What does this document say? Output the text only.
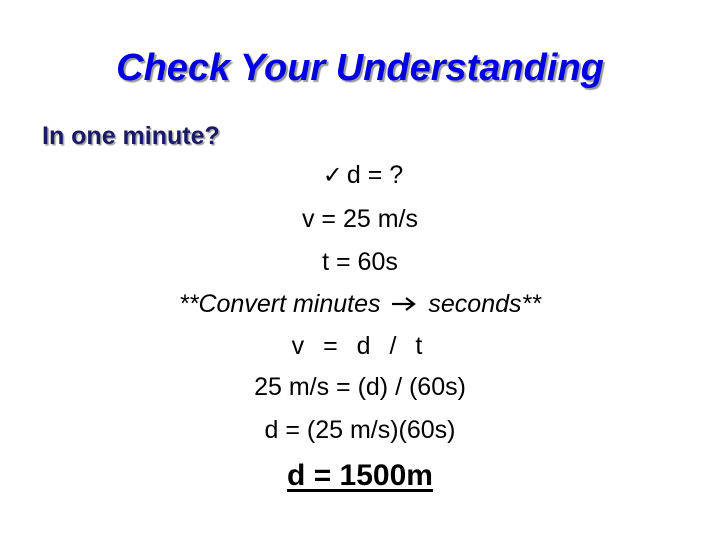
Check Your Understanding
In one minute?
✓ d = ?
v = 25 m/s
t = 60s
**Convert minutes seconds**
v = d / t
25 m/s = (d) / (60s)
d = (25 m/s)(60s)
d = 1500m
